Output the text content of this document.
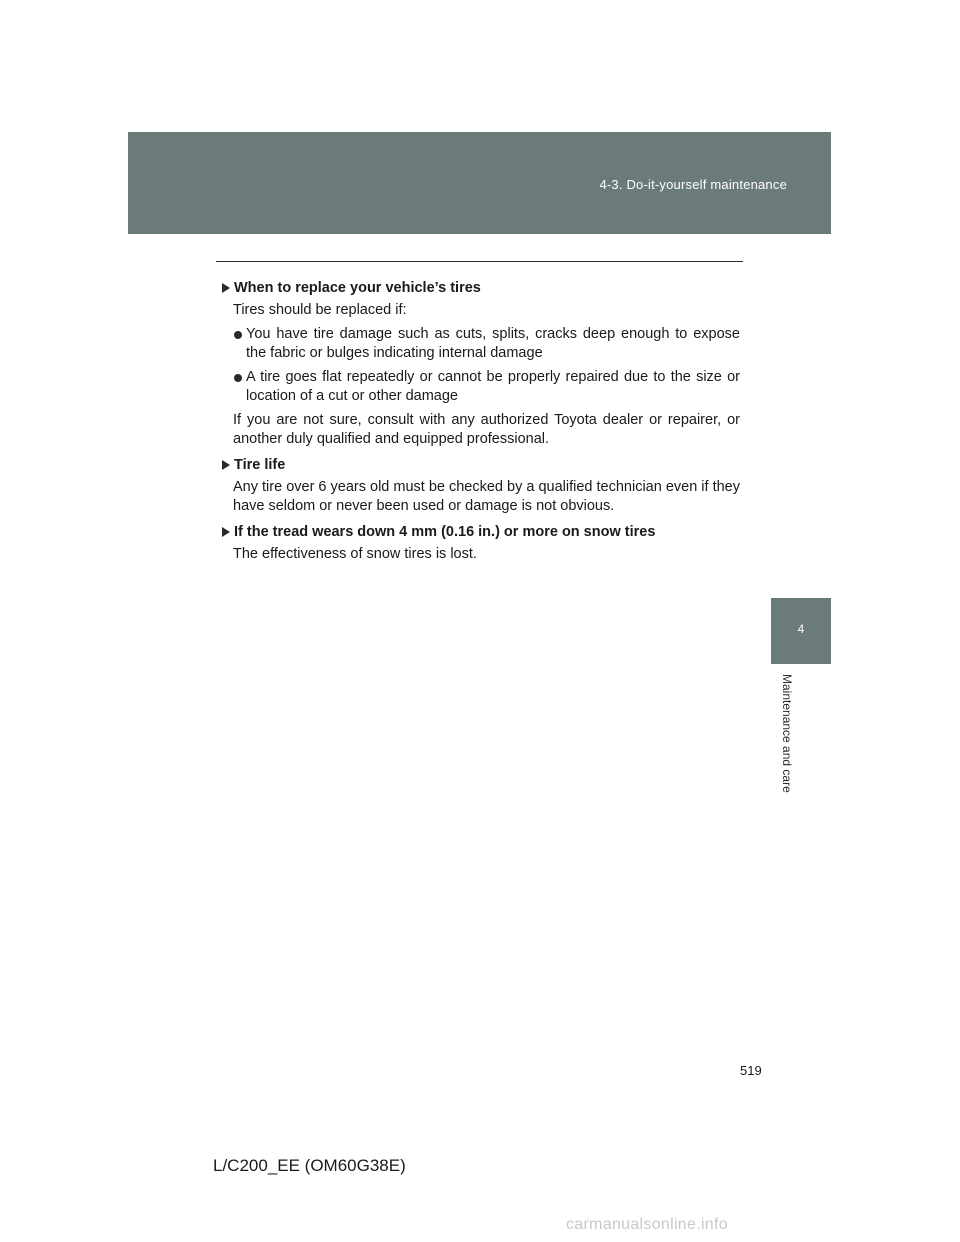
4-3. Do-it-yourself maintenance
4
Maintenance and care

When to replace your vehicle’s tires

Tires should be replaced if:

You have tire damage such as cuts, splits, cracks deep enough to expose the fabric or bulges indicating internal damage

A tire goes flat repeatedly or cannot be properly repaired due to the size or location of a cut or other damage

If you are not sure, consult with any authorized Toyota dealer or repairer, or another duly qualified and equipped professional.

Tire life

Any tire over 6 years old must be checked by a qualified technician even if they have seldom or never been used or damage is not obvious.

If the tread wears down 4 mm (0.16 in.) or more on snow tires

The effectiveness of snow tires is lost.

519
L/C200_EE (OM60G38E)
carmanualsonline.info
